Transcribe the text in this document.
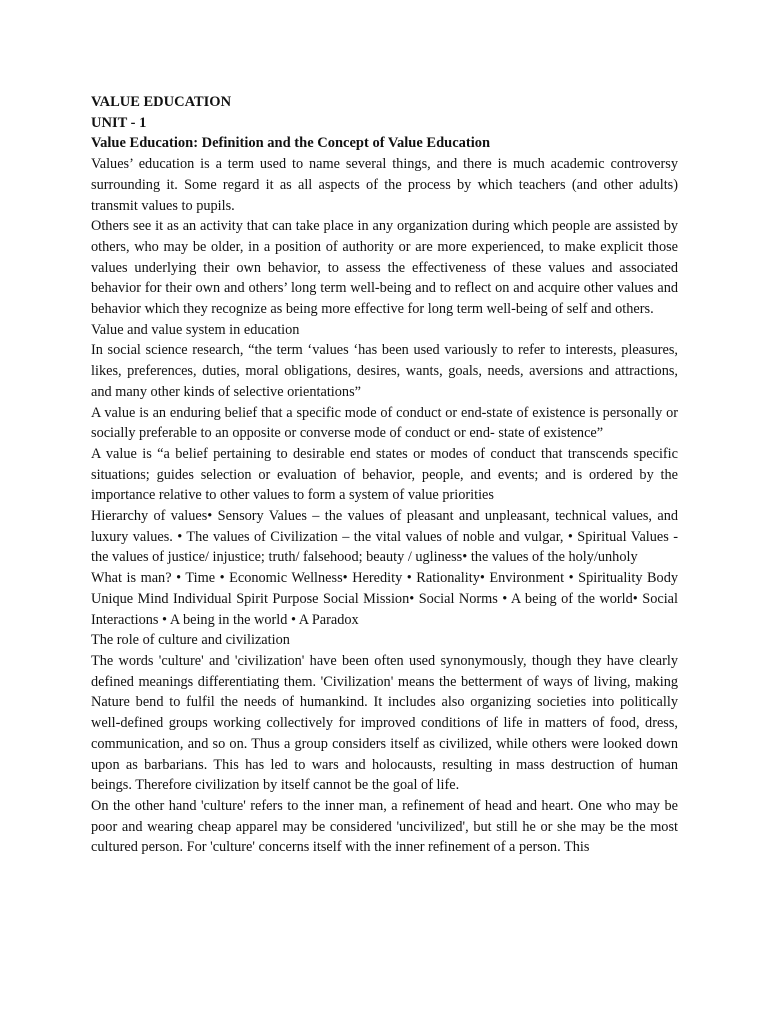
VALUE EDUCATION

UNIT - 1

Value Education: Definition and the Concept of Value Education

Values’ education is a term used to name several things, and there is much academic controversy surrounding it. Some regard it as all aspects of the process by which teachers (and other adults) transmit values to pupils.

Others see it as an activity that can take place in any organization during which people are assisted by others, who may be older, in a position of authority or are more experienced, to make explicit those values underlying their own behavior, to assess the effectiveness of these values and associated behavior for their own and others’ long term well-being and to reflect on and acquire other values and behavior which they recognize as being more effective for long term well-being of self and others.

Value and value system in education

In social science research, “the term ‘values ‘has been used variously to refer to interests, pleasures, likes, preferences, duties, moral obligations, desires, wants, goals, needs, aversions and attractions, and many other kinds of selective orientations”

A value is an enduring belief that a specific mode of conduct or end-state of existence is personally or socially preferable to an opposite or converse mode of conduct or end- state of existence”

A value is “a belief pertaining to desirable end states or modes of conduct that transcends specific situations; guides selection or evaluation of behavior, people, and events; and is ordered by the importance relative to other values to form a system of value priorities

Hierarchy of values• Sensory Values – the values of pleasant and unpleasant, technical values, and luxury values. • The values of Civilization – the vital values of noble and vulgar, • Spiritual Values - the values of justice/ injustice; truth/ falsehood; beauty / ugliness• the values of the holy/unholy

What is man? • Time • Economic Wellness• Heredity • Rationality• Environment • Spirituality Body Unique Mind Individual Spirit Purpose Social Mission• Social Norms • A being of the world• Social Interactions • A being in the world • A Paradox

The role of culture and civilization

The words 'culture' and 'civilization' have been often used synonymously, though they have clearly defined meanings differentiating them. 'Civilization' means the betterment of ways of living, making Nature bend to fulfil the needs of humankind. It includes also organizing societies into politically well-defined groups working collectively for improved conditions of life in matters of food, dress, communication, and so on. Thus a group considers itself as civilized, while others were looked down upon as barbarians. This has led to wars and holocausts, resulting in mass destruction of human beings. Therefore civilization by itself cannot be the goal of life.

On the other hand 'culture' refers to the inner man, a refinement of head and heart. One who may be poor and wearing cheap apparel may be considered 'uncivilized', but still he or she may be the most cultured person. For 'culture' concerns itself with the inner refinement of a person. This
